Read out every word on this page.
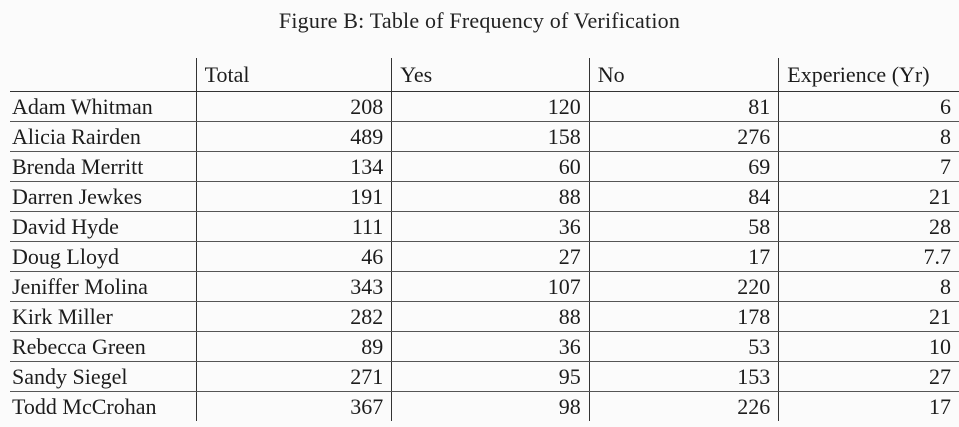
Figure B: Table of Frequency of Verification
	Total	Yes	No	Experience (Yr)
Adam Whitman	208	120	81	6
Alicia Rairden	489	158	276	8
Brenda Merritt	134	60	69	7
Darren Jewkes	191	88	84	21
David Hyde	111	36	58	28
Doug Lloyd	46	27	17	7.7
Jeniffer Molina	343	107	220	8
Kirk Miller	282	88	178	21
Rebecca Green	89	36	53	10
Sandy Siegel	271	95	153	27
Todd McCrohan	367	98	226	17
